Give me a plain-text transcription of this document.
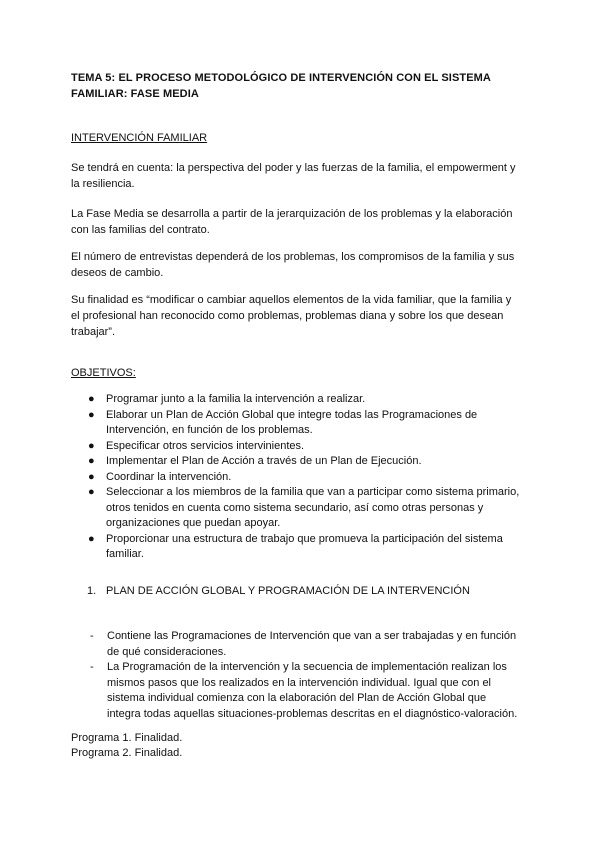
TEMA 5: EL PROCESO METODOLÓGICO DE INTERVENCIÓN CON EL SISTEMA
FAMILIAR: FASE MEDIA

INTERVENCIÓN FAMILIAR

Se tendrá en cuenta: la perspectiva del poder y las fuerzas de la familia, el empowerment y
la resiliencia.

La Fase Media se desarrolla a partir de la jerarquización de los problemas y la elaboración
con las familias del contrato.

El número de entrevistas dependerá de los problemas, los compromisos de la familia y sus
deseos de cambio.

Su finalidad es “modificar o cambiar aquellos elementos de la vida familiar, que la familia y
el profesional han reconocido como problemas, problemas diana y sobre los que desean
trabajar”.

OBJETIVOS:

● Programar junto a la familia la intervención a realizar.
● Elaborar un Plan de Acción Global que integre todas las Programaciones de
Intervención, en función de los problemas.
● Especificar otros servicios intervinientes.
● Implementar el Plan de Acción a través de un Plan de Ejecución.
● Coordinar la intervención.
● Seleccionar a los miembros de la familia que van a participar como sistema primario,
otros tenidos en cuenta como sistema secundario, así como otras personas y
organizaciones que puedan apoyar.
● Proporcionar una estructura de trabajo que promueva la participación del sistema
familiar.

1. PLAN DE ACCIÓN GLOBAL Y PROGRAMACIÓN DE LA INTERVENCIÓN

- Contiene las Programaciones de Intervención que van a ser trabajadas y en función
de qué consideraciones.
- La Programación de la intervención y la secuencia de implementación realizan los
mismos pasos que los realizados en la intervención individual. Igual que con el
sistema individual comienza con la elaboración del Plan de Acción Global que
integra todas aquellas situaciones-problemas descritas en el diagnóstico-valoración.

Programa 1. Finalidad.

Programa 2. Finalidad.
